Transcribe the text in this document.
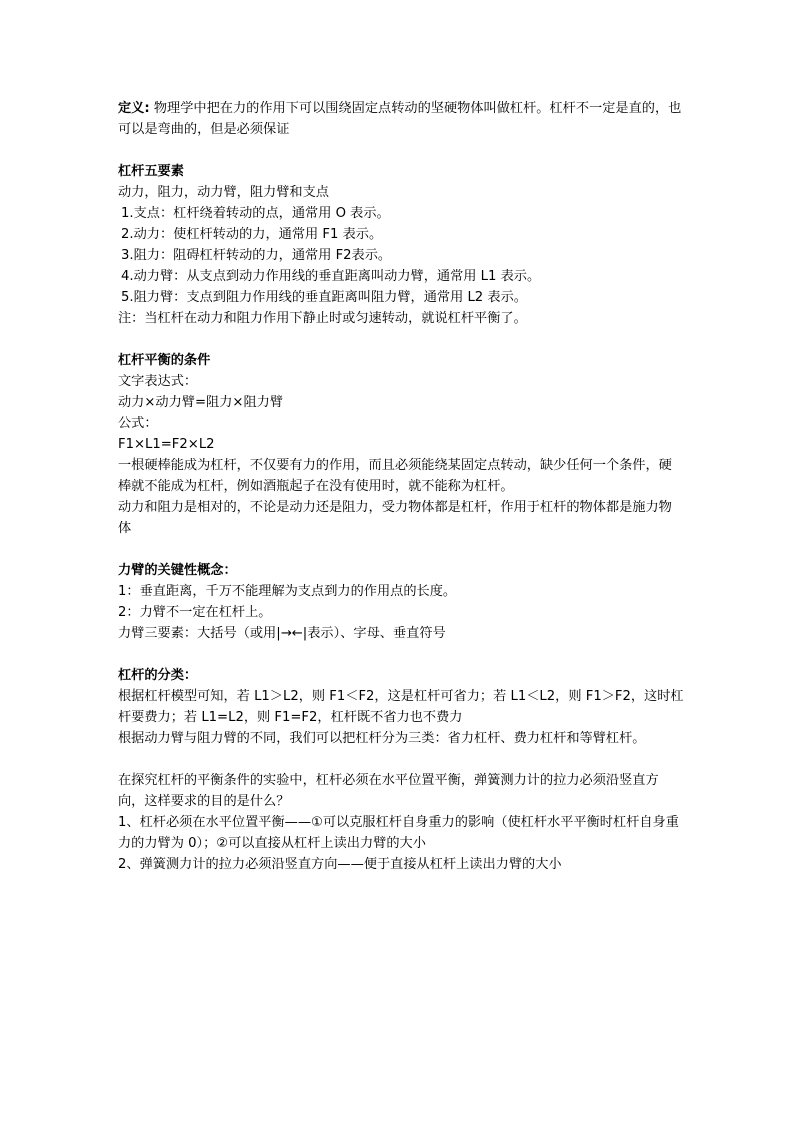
定义: 物理学中把在力的作用下可以围绕固定点转动的坚硬物体叫做杠杆。杠杆不一定是直的，也可以是弯曲的，但是必须保证
杠杆五要素
动力，阻力，动力臂，阻力臂和支点
1.支点：杠杆绕着转动的点，通常用 O 表示。
2.动力：使杠杆转动的力，通常用 F1 表示。
3.阻力：阻碍杠杆转动的力，通常用 F2表示。
4.动力臂：从支点到动力作用线的垂直距离叫动力臂，通常用 L1 表示。
5.阻力臂：支点到阻力作用线的垂直距离叫阻力臂，通常用 L2 表示。
注：当杠杆在动力和阻力作用下静止时或匀速转动，就说杠杆平衡了。
杠杆平衡的条件
文字表达式：
动力×动力臂=阻力×阻力臂
公式：
F1×L1=F2×L2
一根硬棒能成为杠杆，不仅要有力的作用，而且必须能绕某固定点转动，缺少任何一个条件，硬棒就不能成为杠杆，例如酒瓶起子在没有使用时，就不能称为杠杆。
动力和阻力是相对的，不论是动力还是阻力，受力物体都是杠杆，作用于杠杆的物体都是施力物体
力臂的关键性概念：
1：垂直距离，千万不能理解为支点到力的作用点的长度。
2：力臂不一定在杠杆上。
力臂三要素：大括号（或用|→←|表示）、字母、垂直符号
杠杆的分类：
根据杠杆模型可知，若 L1＞L2，则 F1＜F2，这是杠杆可省力；若 L1＜L2，则 F1＞F2，这时杠杆要费力；若 L1=L2，则 F1=F2，杠杆既不省力也不费力
根据动力臂与阻力臂的不同，我们可以把杠杆分为三类：省力杠杆、费力杠杆和等臂杠杆。
在探究杠杆的平衡条件的实验中，杠杆必须在水平位置平衡，弹簧测力计的拉力必须沿竖直方向，这样要求的目的是什么？
1、杠杆必须在水平位置平衡——①可以克服杠杆自身重力的影响（使杠杆水平平衡时杠杆自身重力的力臂为 0）；②可以直接从杠杆上读出力臂的大小
2、弹簧测力计的拉力必须沿竖直方向——便于直接从杠杆上读出力臂的大小
